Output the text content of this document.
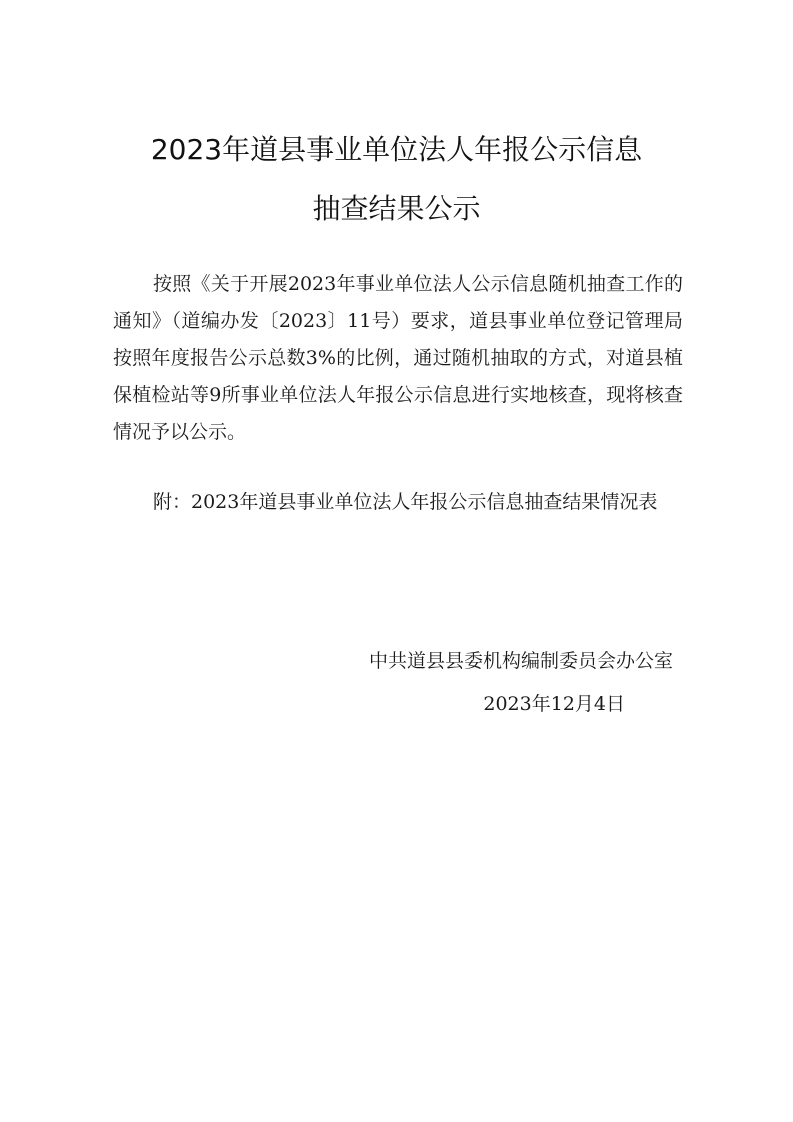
2023年道县事业单位法人年报公示信息
抽查结果公示

按照《关于开展2023年事业单位法人公示信息随机抽查工作的通知》（道编办发〔2023〕11号）要求，道县事业单位登记管理局按照年度报告公示总数3%的比例，通过随机抽取的方式，对道县植保植检站等9所事业单位法人年报公示信息进行实地核查，现将核查情况予以公示。

附：2023年道县事业单位法人年报公示信息抽查结果情况表

中共道县县委机构编制委员会办公室
2023年12月4日
